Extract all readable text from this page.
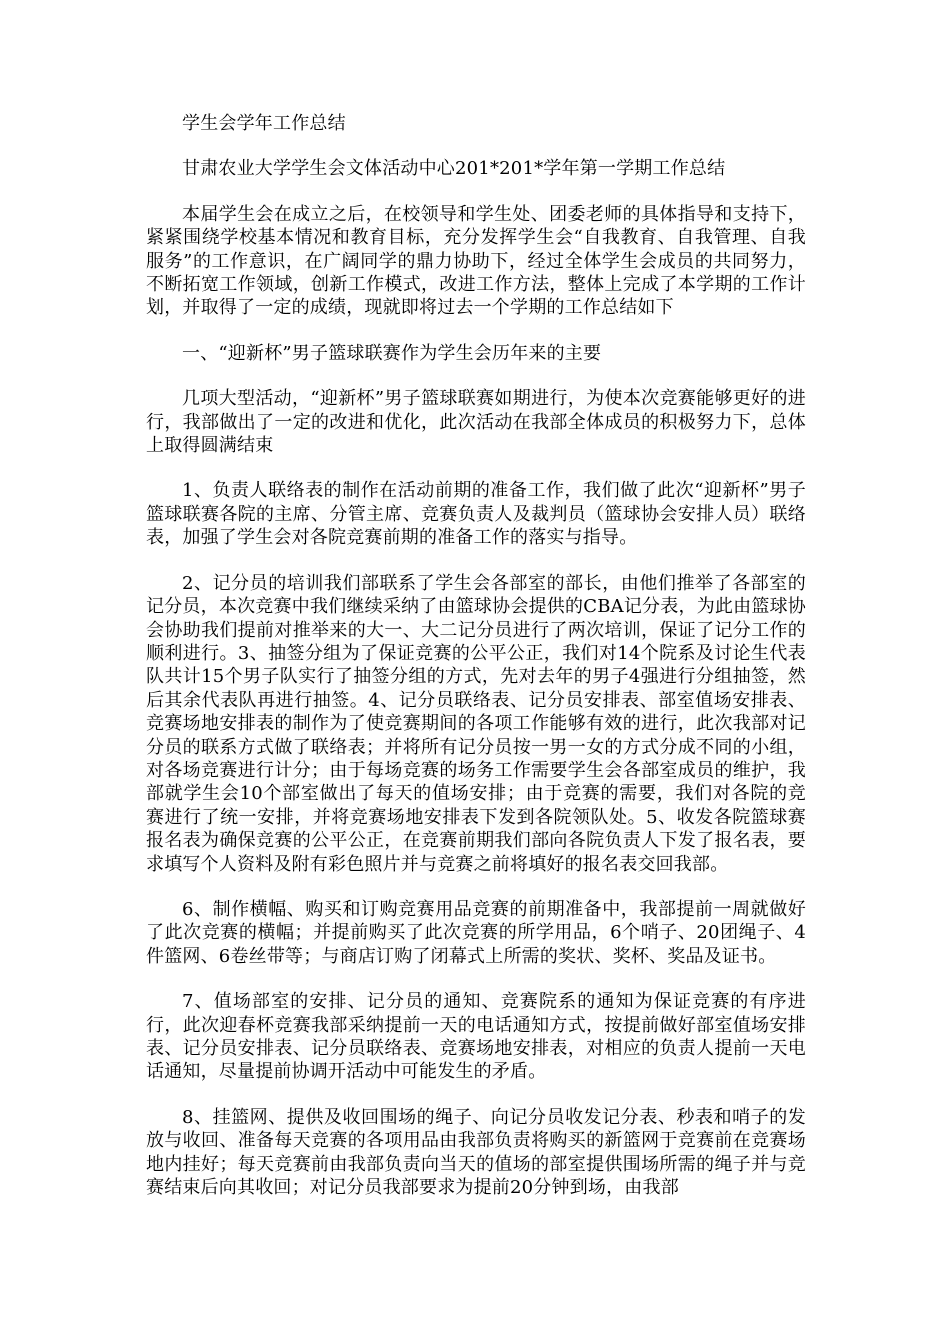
学生会学年工作总结

甘肃农业大学学生会文体活动中心201*201*学年第一学期工作总结

本届学生会在成立之后，在校领导和学生处、团委老师的具体指导和支持下，紧紧围绕学校基本情况和教育目标，充分发挥学生会“自我教育、自我管理、自我服务”的工作意识，在广阔同学的鼎力协助下，经过全体学生会成员的共同努力，不断拓宽工作领域，创新工作模式，改进工作方法，整体上完成了本学期的工作计划，并取得了一定的成绩，现就即将过去一个学期的工作总结如下

一、“迎新杯”男子篮球联赛作为学生会历年来的主要

几项大型活动，“迎新杯”男子篮球联赛如期进行，为使本次竞赛能够更好的进行，我部做出了一定的改进和优化，此次活动在我部全体成员的积极努力下，总体上取得圆满结束

1、负责人联络表的制作在活动前期的准备工作，我们做了此次“迎新杯”男子篮球联赛各院的主席、分管主席、竞赛负责人及裁判员（篮球协会安排人员）联络表，加强了学生会对各院竞赛前期的准备工作的落实与指导。

2、记分员的培训我们部联系了学生会各部室的部长，由他们推举了各部室的记分员，本次竞赛中我们继续采纳了由篮球协会提供的CBA记分表，为此由篮球协会协助我们提前对推举来的大一、大二记分员进行了两次培训，保证了记分工作的顺利进行。3、抽签分组为了保证竞赛的公平公正，我们对14个院系及讨论生代表队共计15个男子队实行了抽签分组的方式，先对去年的男子4强进行分组抽签，然后其余代表队再进行抽签。4、记分员联络表、记分员安排表、部室值场安排表、竞赛场地安排表的制作为了使竞赛期间的各项工作能够有效的进行，此次我部对记分员的联系方式做了联络表；并将所有记分员按一男一女的方式分成不同的小组，对各场竞赛进行计分；由于每场竞赛的场务工作需要学生会各部室成员的维护，我部就学生会10个部室做出了每天的值场安排；由于竞赛的需要，我们对各院的竞赛进行了统一安排，并将竞赛场地安排表下发到各院领队处。5、收发各院篮球赛报名表为确保竞赛的公平公正，在竞赛前期我们部向各院负责人下发了报名表，要求填写个人资料及附有彩色照片并与竞赛之前将填好的报名表交回我部。

6、制作横幅、购买和订购竞赛用品竞赛的前期准备中，我部提前一周就做好了此次竞赛的横幅；并提前购买了此次竞赛的所学用品，6个哨子、20团绳子、4件篮网、6卷丝带等；与商店订购了闭幕式上所需的奖状、奖杯、奖品及证书。

7、值场部室的安排、记分员的通知、竞赛院系的通知为保证竞赛的有序进行，此次迎春杯竞赛我部采纳提前一天的电话通知方式，按提前做好部室值场安排表、记分员安排表、记分员联络表、竞赛场地安排表，对相应的负责人提前一天电话通知，尽量提前协调开活动中可能发生的矛盾。

8、挂篮网、提供及收回围场的绳子、向记分员收发记分表、秒表和哨子的发放与收回、准备每天竞赛的各项用品由我部负责将购买的新篮网于竞赛前在竞赛场地内挂好；每天竞赛前由我部负责向当天的值场的部室提供围场所需的绳子并与竞赛结束后向其收回；对记分员我部要求为提前20分钟到场，由我部
